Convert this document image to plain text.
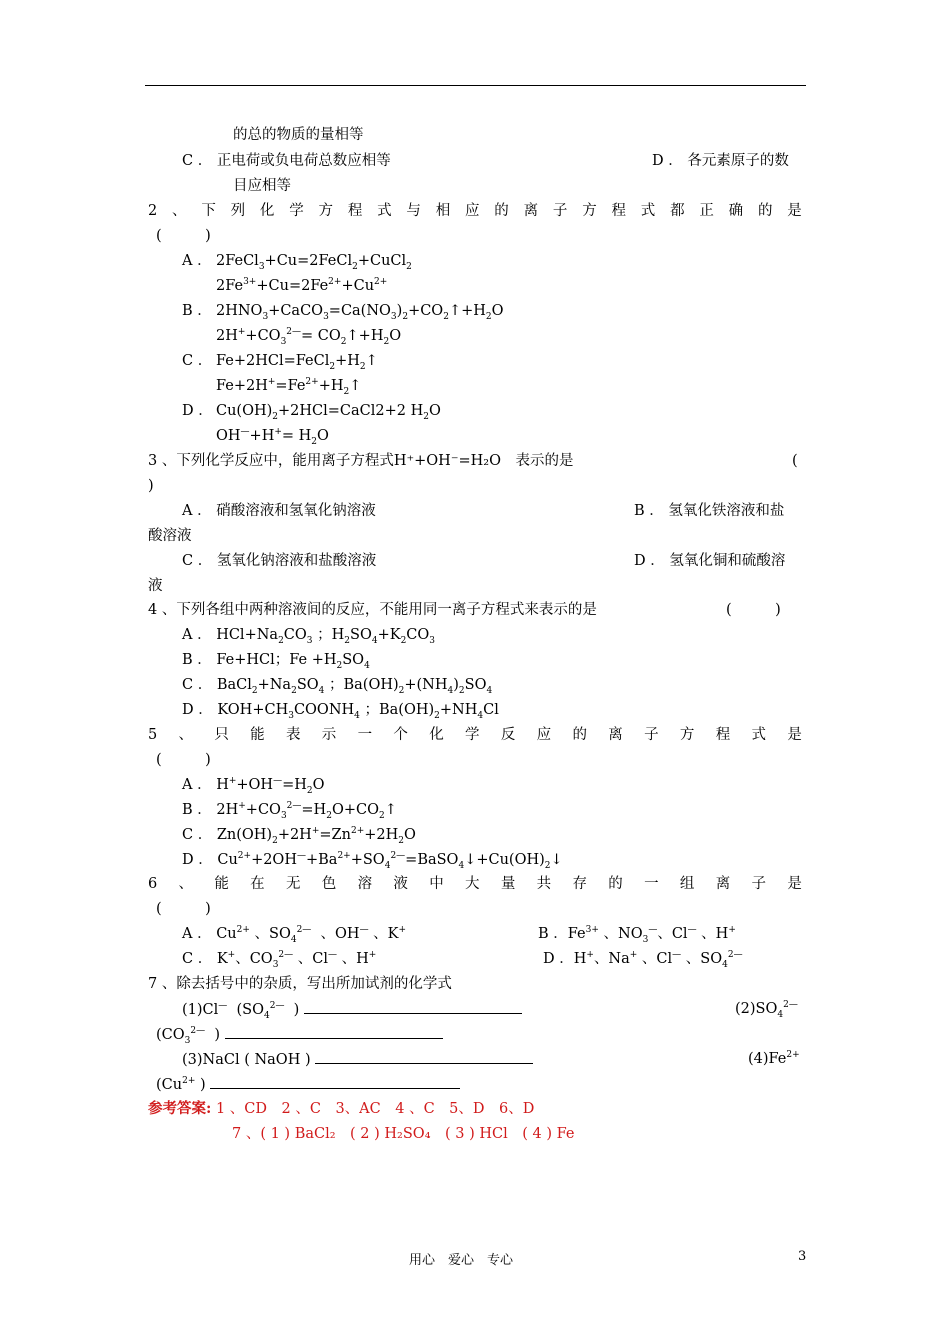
的总的物质的量相等
C ． 正电荷或负电荷总数应相等	D ． 各元素原子的数
目应相等
2 、 下 列 化 学 方 程 式 与 相 应 的 离 子 方 程 式 都 正 确 的 是
(　　　)
A ． 2FeCl$_3$+Cu=2FeCl$_2$+CuCl$_2$
$2Fe^{3+}+Cu=2Fe^{2+}+Cu^{2+}$
B ． $2HNO_3+CaCO_3=Ca(NO_3)_2+CO_2↑+H_2O$
$2H^++CO_3^{2—}=$ $CO_2↑+H_2O$
C ． $Fe+2HCl=FeCl_2+H_2↑$
$Fe+2H^+=Fe^{2+}+H_2↑$
D ． $Cu(OH)_2+2HCl=CaCl2+2$ $H_2O$
$OH^—+H^+= H_2O$
3 、下列化学反应中，能用离子方程式H⁺+OH⁻=H₂O　表示的是	(
)
A ． 硝酸溶液和氢氧化钠溶液	B ． 氢氧化铁溶液和盐
酸溶液
C ． 氢氧化钠溶液和盐酸溶液	D ． 氢氧化铜和硫酸溶
液
4 、下列各组中两种溶液间的反应，不能用同一离子方程式来表示的是	(　　　)
A ． $HCl+Na_2CO_3$ ；$H_2SO_4+K_2CO_3$
B ． Fe+HCl；$Fe +H_2SO_4$
C ． $BaCl_2+Na_2SO_4$ ；$Ba(OH)_2+(NH_4)_2SO_4$
D ． $KOH+CH_3COONH_4$ ；$Ba(OH)_2+NH_4Cl$
5 、 只 能 表 示 一 个 化 学 反 应 的 离 子 方 程 式 是
(　　　)
A ． $H^++OH^—=H_2O$
B ． $2H^++CO_3^{2—}=H_2O+CO_2↑$
C ． $Zn(OH)_2+2H^+=Zn^{2+}+2H_2O$
D ． $Cu^{2+}+2OH^—+Ba^{2+}+SO_4^{2—}=BaSO_4↓+Cu(OH)_2↓$
6 、 能 在 无 色 溶 液 中 大 量 共 存 的 一 组 离 子 是
(　　　)
A ． $Cu^{2+}$ 、$SO_4^{2—}$  、OH— 、K+	B ．$Fe^{3+}$ 、$NO_3^—$、Cl— 、H+
C ． K+、$CO_3^{2—}$ 、Cl— 、H+	D ．H+、Na+ 、Cl— 、$SO_4^{2—}$
7 、除去括号中的杂质，写出所加试剂的化学式
(1)Cl—  ($SO_4^{2—}$  )	$(2)SO_4^{2—}$
($CO_3^{2—}$  )
(3)NaCl ( NaOH )	$(4)Fe^{2+}$
($Cu^{2+}$ )
参考答案: 1 、CD　2 、C　3、AC　4 、C　5、D　6、D
7 、( 1 ) BaCl₂　( 2 ) H₂SO₄　( 3 ) HCl　( 4 ) Fe
用心　爱心　专心	3
